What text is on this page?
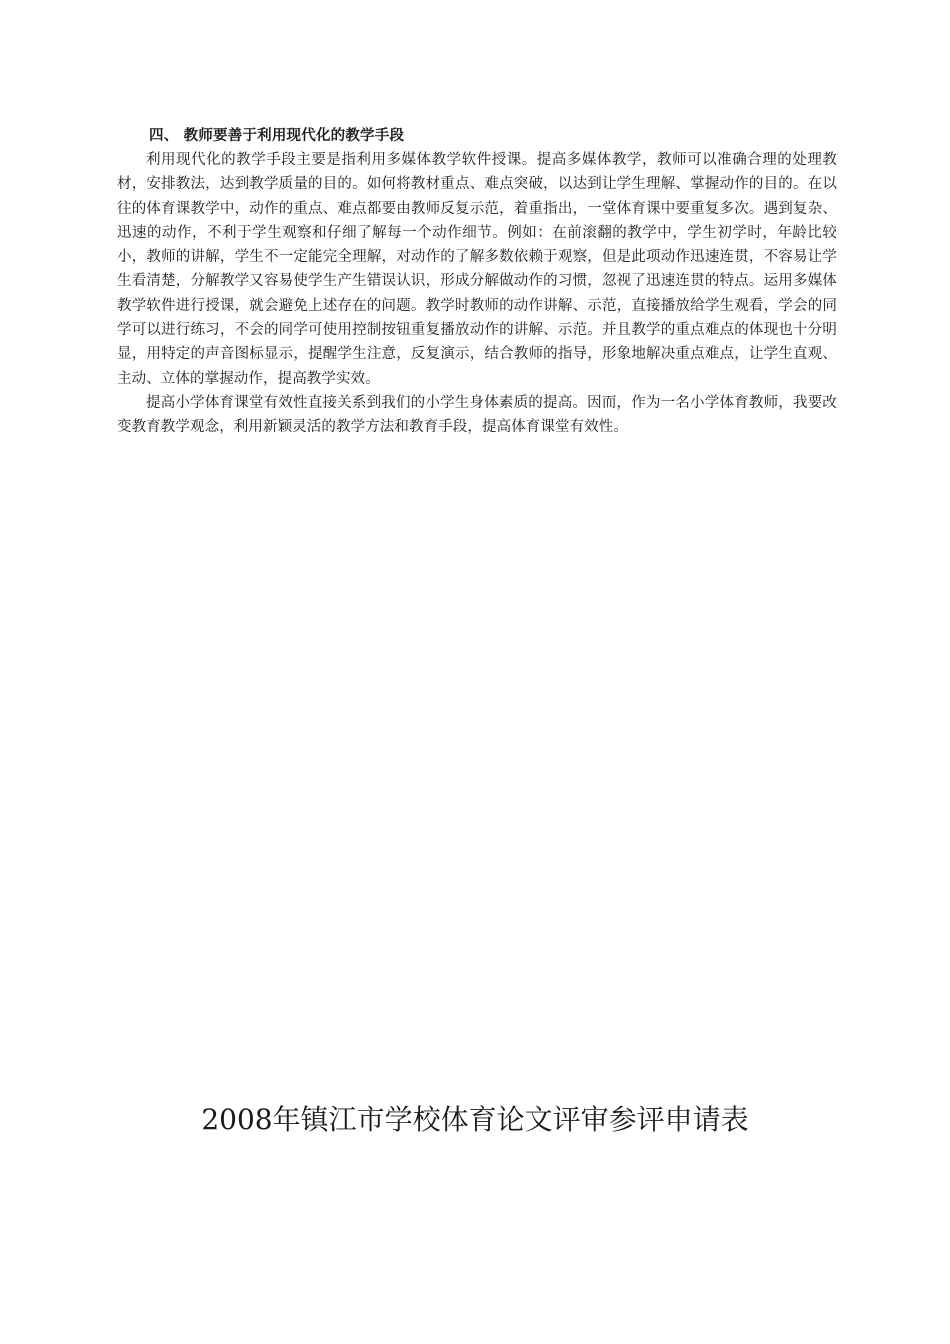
四、 教师要善于利用现代化的教学手段

利用现代化的教学手段主要是指利用多媒体教学软件授课。提高多媒体教学，教师可以准确合理的处理教材，安排教法，达到教学质量的目的。如何将教材重点、难点突破，以达到让学生理解、掌握动作的目的。在以往的体育课教学中，动作的重点、难点都要由教师反复示范，着重指出，一堂体育课中要重复多次。遇到复杂、迅速的动作，不利于学生观察和仔细了解每一个动作细节。例如：在前滚翻的教学中，学生初学时，年龄比较小，教师的讲解，学生不一定能完全理解，对动作的了解多数依赖于观察，但是此项动作迅速连贯，不容易让学生看清楚，分解教学又容易使学生产生错误认识，形成分解做动作的习惯，忽视了迅速连贯的特点。运用多媒体教学软件进行授课，就会避免上述存在的问题。教学时教师的动作讲解、示范，直接播放给学生观看，学会的同学可以进行练习，不会的同学可使用控制按钮重复播放动作的讲解、示范。并且教学的重点难点的体现也十分明显，用特定的声音图标显示，提醒学生注意，反复演示，结合教师的指导，形象地解决重点难点，让学生直观、主动、立体的掌握动作，提高教学实效。

提高小学体育课堂有效性直接关系到我们的小学生身体素质的提高。因而，作为一名小学体育教师，我要改变教育教学观念，利用新颖灵活的教学方法和教育手段，提高体育课堂有效性。

2008年镇江市学校体育论文评审参评申请表
